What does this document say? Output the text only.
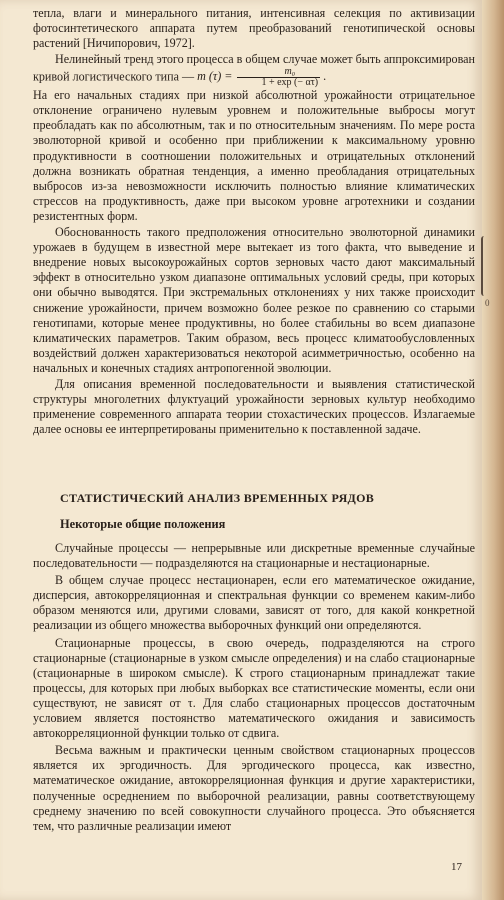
тепла, влаги и минерального питания, интенсивная селекция по активизации фотосинтетического аппарата путем преобразований генотипической основы растений [Ничипорович, 1972].

Нелинейный тренд этого процесса в общем случае может быть аппроксимирован кривой логистического типа — m $(\tau) = \frac{\text{m₀}}{1 + \exp (- \alpha\tau)}$ .

На его начальных стадиях при низкой абсолютной урожайности отрицательное отклонение ограничено нулевым уровнем и положительные выбросы могут преобладать как по абсолютным, так и по относительным значениям. По мере роста эволюторной кривой и особенно при приближении к максимальному уровню продуктивности в соотношении положительных и отрицательных отклонений должна возникать обратная тенденция, а именно преобладания отрицательных выбросов из-за невозможности исключить полностью влияние климатических стрессов на продуктивность, даже при высоком уровне агротехники и создании резистентных форм.

Обоснованность такого предположения относительно эволюторной динамики урожаев в будущем в известной мере вытекает из того факта, что выведение и внедрение новых высокоурожайных сортов зерновых часто дают максимальный эффект в относительно узком диапазоне оптимальных условий среды, при которых они обычно выводятся. При экстремальных отклонениях у них также происходит снижение урожайности, причем возможно более резкое по сравнению со старыми генотипами, которые менее продуктивны, но более стабильны во всем диапазоне климатических параметров. Таким образом, весь процесс климатообусловленных воздействий должен характеризоваться некоторой асимметричностью, особенно на начальных и конечных стадиях антропогенной эволюции.

Для описания временной последовательности и выявления статистической структуры многолетних флуктуаций урожайности зерновых культур необходимо применение современного аппарата теории стохастических процессов. Излагаемые далее основы ее интерпретированы применительно к поставленной задаче.

СТАТИСТИЧЕСКИЙ АНАЛИЗ ВРЕМЕННЫХ РЯДОВ
Некоторые общие положения

Случайные процессы — непрерывные или дискретные временные случайные последовательности — подразделяются на стационарные и нестационарные.

В общем случае процесс нестационарен, если его математическое ожидание, дисперсия, автокорреляционная и спектральная функции со временем каким-либо образом меняются или, другими словами, зависят от того, для какой конкретной реализации из общего множества выборочных функций они определяются.

Стационарные процессы, в свою очередь, подразделяются на строго стационарные (стационарные в узком смысле определения) и на слабо стационарные (стационарные в широком смысле). К строго стационарным принадлежат такие процессы, для которых при любых выборках все статистические моменты, если они существуют, не зависят от τ. Для слабо стационарных процессов достаточным условием является постоянство математического ожидания и зависимость автокорреляционной функции только от сдвига.

Весьма важным и практически ценным свойством стационарных процессов является их эргодичность. Для эргодического процесса, как известно, математическое ожидание, автокорреляционная функция и другие характеристики, полученные осреднением по выборочной реализации, равны соответствующему среднему значению по всей совокупности случайного процесса. Это объясняется тем, что различные реализации имеют

17
0
